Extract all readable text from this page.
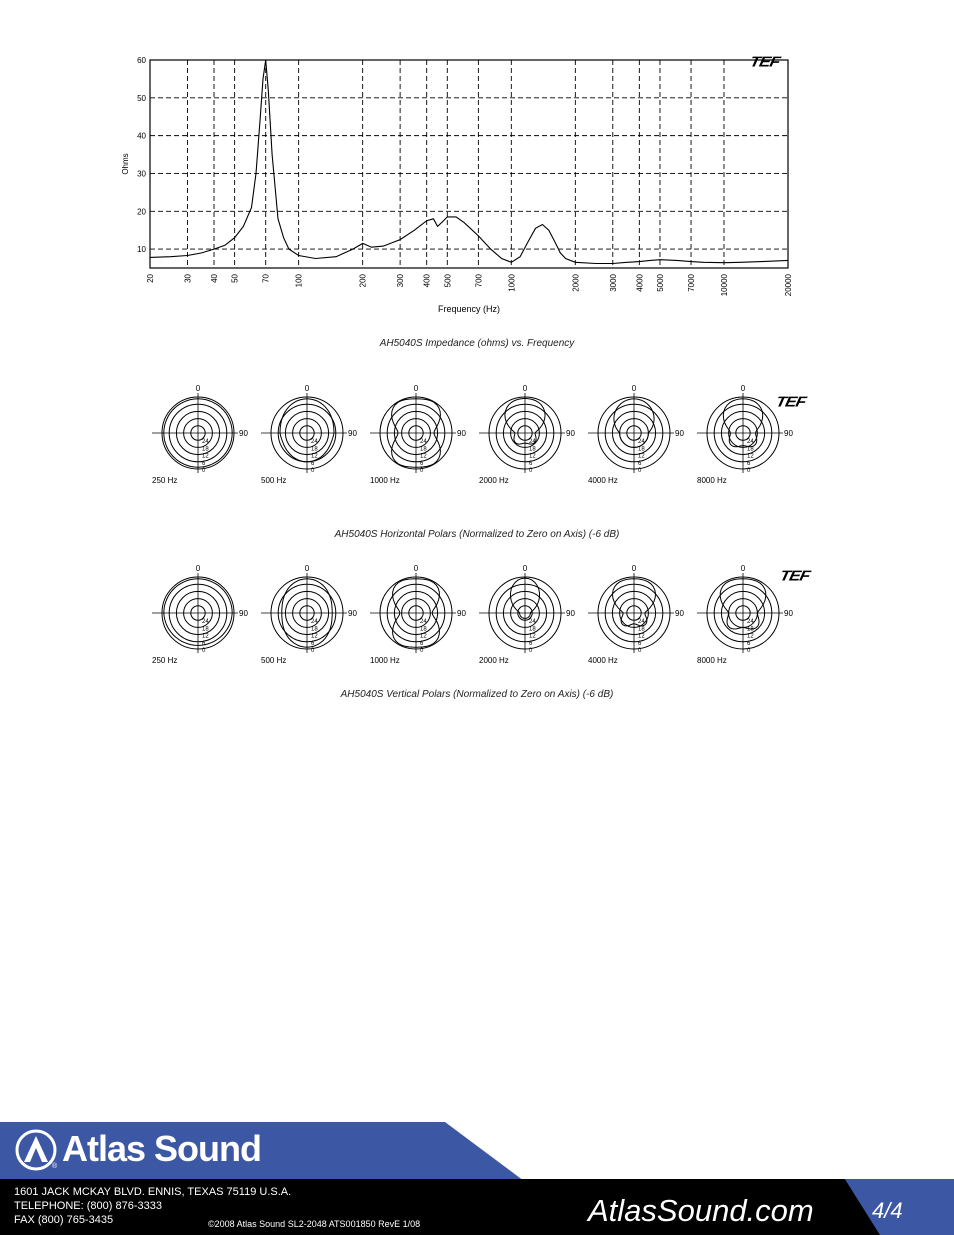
10
20
30
40
50
60
20	30 40 50	70	100	200	300 400 500	700	1000	2000	3000 4000 5000	7000	10000	20000
Ohms
Frequency (Hz)
TEF
AH5040S Impedance (ohms) vs. Frequency
0
90
24
18
12
6
0
250 Hz
0
90
24
18
12
6
0
500 Hz
0
90
24
18
12
6
0
1000 Hz
0
90
24
18
12
6
0
2000 Hz
0
90
24
18
12
6
0
4000 Hz
0
90
24
18
12
6
0
8000 Hz
TEF
AH5040S Horizontal Polars (Normalized to Zero on Axis) (-6 dB)
0
90
24
18
12
6
0
250 Hz
0
90
24
18
12
6
0
500 Hz
0
90
24
18
12
6
0
1000 Hz
0
90
24
18
12
6
0
2000 Hz
0
90
24
18
12
6
0
4000 Hz
0
90
24
18
12
6
0
8000 Hz
TEF
AH5040S Vertical Polars (Normalized to Zero on Axis) (-6 dB)
Atlas Sound
®
1601 JACK MCKAY BLVD. ENNIS, TEXAS 75119 U.S.A.
TELEPHONE: (800) 876-3333
FAX (800) 765-3435	©2008 Atlas Sound SL2-2048 ATS001850 RevE 1/08	AtlasSound.com	4/4
